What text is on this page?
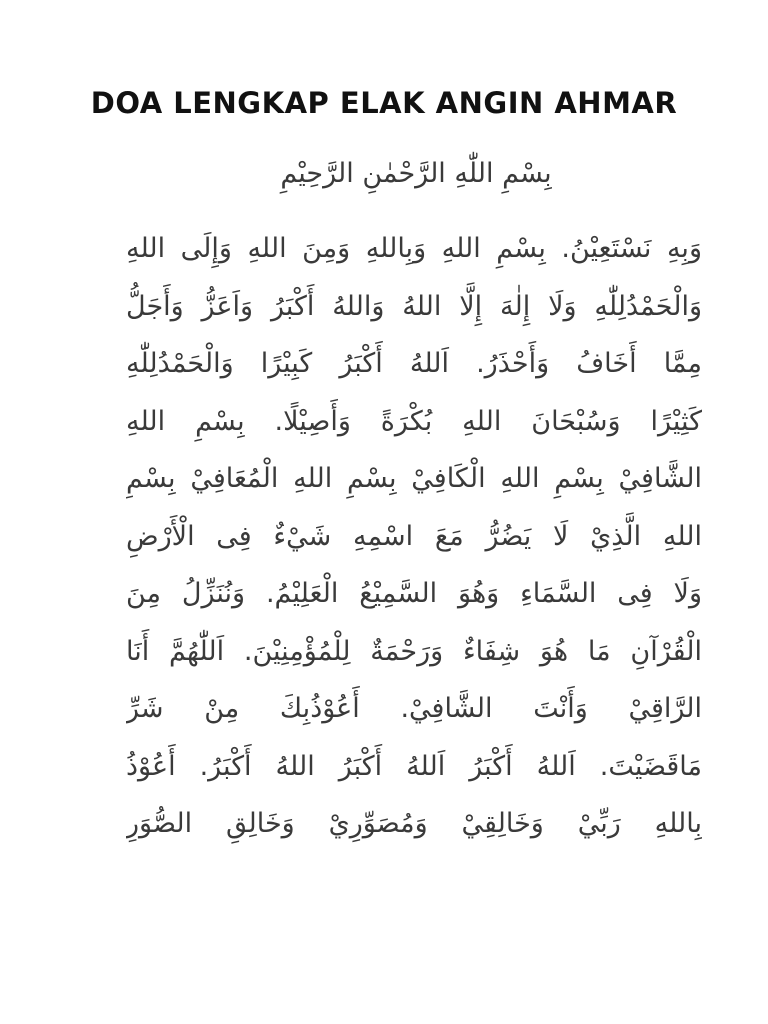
DOA LENGKAP ELAK ANGIN AHMAR
بِسْمِ اللّٰهِ الرَّحْمٰنِ الرَّحِيْمِ
وَبِهِ نَسْتَعِيْنُ. بِسْمِ اللهِ وَبِاللهِ وَمِنَ اللهِ وَإِلَى اللهِ
وَالْحَمْدُلِلّٰهِ وَلَا إِلٰهَ إِلَّا اللهُ وَاللهُ أَكْبَرُ وَاَعَزُّ وَأَجَلُّ
مِمَّا أَخَافُ وَأَحْذَرُ. اَللهُ أَكْبَرُ كَبِيْرًا وَالْحَمْدُلِلّٰهِ
كَثِيْرًا وَسُبْحَانَ اللهِ بُكْرَةً وَأَصِيْلًا. بِسْمِ اللهِ
الشَّافِيْ بِسْمِ اللهِ الْكَافِيْ بِسْمِ اللهِ الْمُعَافِيْ بِسْمِ
اللهِ الَّذِيْ لَا يَضُرُّ مَعَ اسْمِهِ شَيْءٌ فِى الْأَرْضِ
وَلَا فِى السَّمَاءِ وَهُوَ السَّمِيْعُ الْعَلِيْمُ. وَنُنَزِّلُ مِنَ
الْقُرْآنِ مَا هُوَ شِفَاءٌ وَرَحْمَةٌ لِلْمُؤْمِنِيْنَ. اَللّٰهُمَّ أَنَا
الرَّاقِيْ وَأَنْتَ الشَّافِيْ. أَعُوْذُبِكَ مِنْ شَرِّ
مَاقَضَيْتَ. اَللهُ أَكْبَرُ اَللهُ أَكْبَرُ اللهُ أَكْبَرُ. أَعُوْذُ
بِاللهِ رَبِّيْ وَخَالِقِيْ وَمُصَوِّرِيْ وَخَالِقِ الصُّوَرِ
